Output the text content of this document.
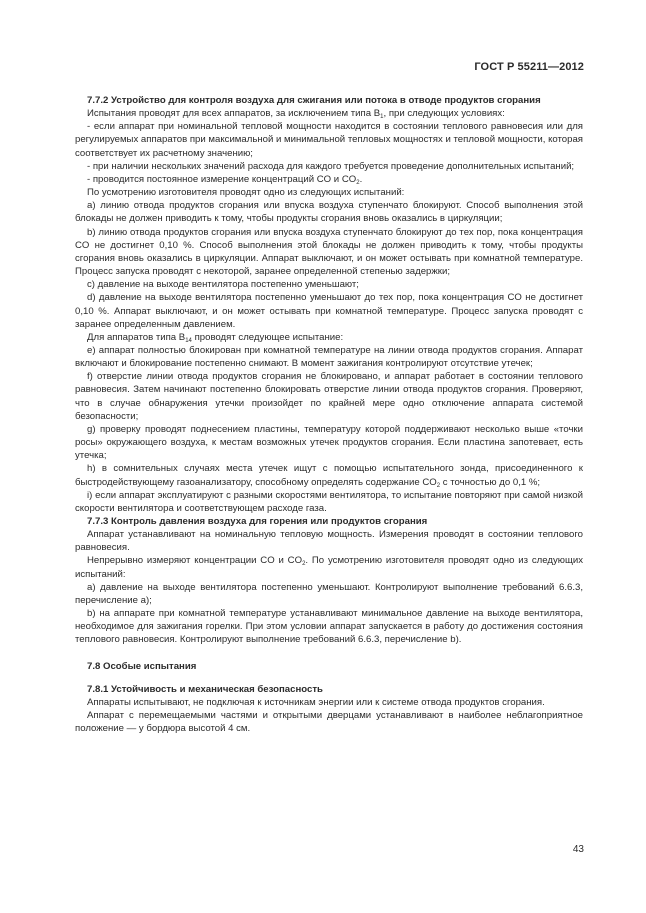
ГОСТ Р 55211—2012

7.7.2 Устройство для контроля воздуха для сжигания или потока в отводе продуктов сгорания

Испытания проводят для всех аппаратов, за исключением типа $B_1$, при следующих условиях:

- если аппарат при номинальной тепловой мощности находится в состоянии теплового равновесия или для регулируемых аппаратов при максимальной и минимальной тепловых мощностях и тепловой мощности, которая соответствует их расчетному значению;

- при наличии нескольких значений расхода для каждого требуется проведение дополнительных испытаний;

- проводится постоянное измерение концентраций CO и $CO_2$.

По усмотрению изготовителя проводят одно из следующих испытаний:

a) линию отвода продуктов сгорания или впуска воздуха ступенчато блокируют. Способ выполнения этой блокады не должен приводить к тому, чтобы продукты сгорания вновь оказались в циркуляции;

b) линию отвода продуктов сгорания или впуска воздуха ступенчато блокируют до тех пор, пока концентрация CO не достигнет 0,10 %. Способ выполнения этой блокады не должен приводить к тому, чтобы продукты сгорания вновь оказались в циркуляции. Аппарат выключают, и он может остывать при комнатной температуре. Процесс запуска проводят с некоторой, заранее определенной степенью задержки;

c) давление на выходе вентилятора постепенно уменьшают;

d) давление на выходе вентилятора постепенно уменьшают до тех пор, пока концентрация CO не достигнет 0,10 %. Аппарат выключают, и он может остывать при комнатной температуре. Процесс запуска проводят с заранее определенным давлением.

Для аппаратов типа $B_{14}$ проводят следующее испытание:

e) аппарат полностью блокирован при комнатной температуре на линии отвода продуктов сгорания. Аппарат включают и блокирование постепенно снимают. В момент зажигания контролируют отсутствие утечек;

f) отверстие линии отвода продуктов сгорания не блокировано, и аппарат работает в состоянии теплового равновесия. Затем начинают постепенно блокировать отверстие линии отвода продуктов сгорания. Проверяют, что в случае обнаружения утечки произойдет по крайней мере одно отключение аппарата системой безопасности;

g) проверку проводят поднесением пластины, температуру которой поддерживают несколько выше «точки росы» окружающего воздуха, к местам возможных утечек продуктов сгорания. Если пластина запотевает, есть утечка;

h) в сомнительных случаях места утечек ищут с помощью испытательного зонда, присоединенного к быстродействующему газоанализатору, способному определять содержание $CO_2$ с точностью до 0,1 %;

i) если аппарат эксплуатируют с разными скоростями вентилятора, то испытание повторяют при самой низкой скорости вентилятора и соответствующем расходе газа.

7.7.3 Контроль давления воздуха для горения или продуктов сгорания

Аппарат устанавливают на номинальную тепловую мощность. Измерения проводят в состоянии теплового равновесия.

Непрерывно измеряют концентрации CO и $CO_2$. По усмотрению изготовителя проводят одно из следующих испытаний:

a) давление на выходе вентилятора постепенно уменьшают. Контролируют выполнение требований 6.6.3, перечисление a);

b) на аппарате при комнатной температуре устанавливают минимальное давление на выходе вентилятора, необходимое для зажигания горелки. При этом условии аппарат запускается в работу до достижения состояния теплового равновесия. Контролируют выполнение требований 6.6.3, перечисление b).

7.8 Особые испытания

7.8.1 Устойчивость и механическая безопасность

Аппараты испытывают, не подключая к источникам энергии или к системе отвода продуктов сгорания.

Аппарат с перемещаемыми частями и открытыми дверцами устанавливают в наиболее неблагоприятное положение — у бордюра высотой 4 см.

43
